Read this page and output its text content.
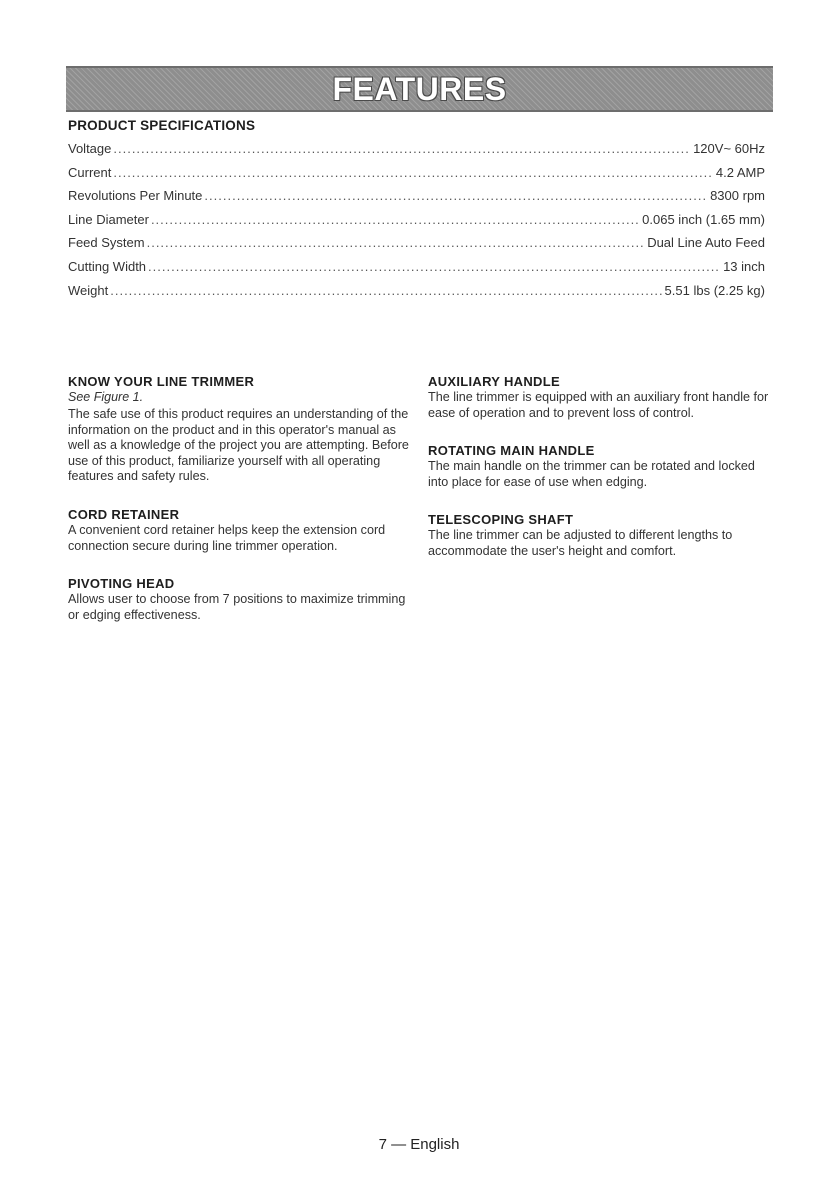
FEATURES
PRODUCT SPECIFICATIONS
Voltage .....	120V~ 60Hz
Current .....	4.2 AMP
Revolutions Per Minute .....	8300 rpm
Line Diameter .....	0.065 inch (1.65 mm)
Feed System .....	Dual Line Auto Feed
Cutting Width .....	13 inch
Weight .....	5.51 lbs (2.25 kg)
KNOW YOUR LINE TRIMMER
See Figure 1.

The safe use of this product requires an understanding of the information on the product and in this operator's manual as well as a knowledge of the project you are attempting. Before use of this product, familiarize yourself with all operating features and safety rules.

CORD RETAINER

A convenient cord retainer helps keep the extension cord connection secure during line trimmer operation.

PIVOTING HEAD

Allows user to choose from 7 positions to maximize trimming or edging effectiveness.

AUXILIARY HANDLE

The line trimmer is equipped with an auxiliary front handle for ease of operation and to prevent loss of control.

ROTATING MAIN HANDLE

The main handle on the trimmer can be rotated and locked into place for ease of use when edging.

TELESCOPING SHAFT

The line trimmer can be adjusted to different lengths to accommodate the user's height and comfort.

7 — English
